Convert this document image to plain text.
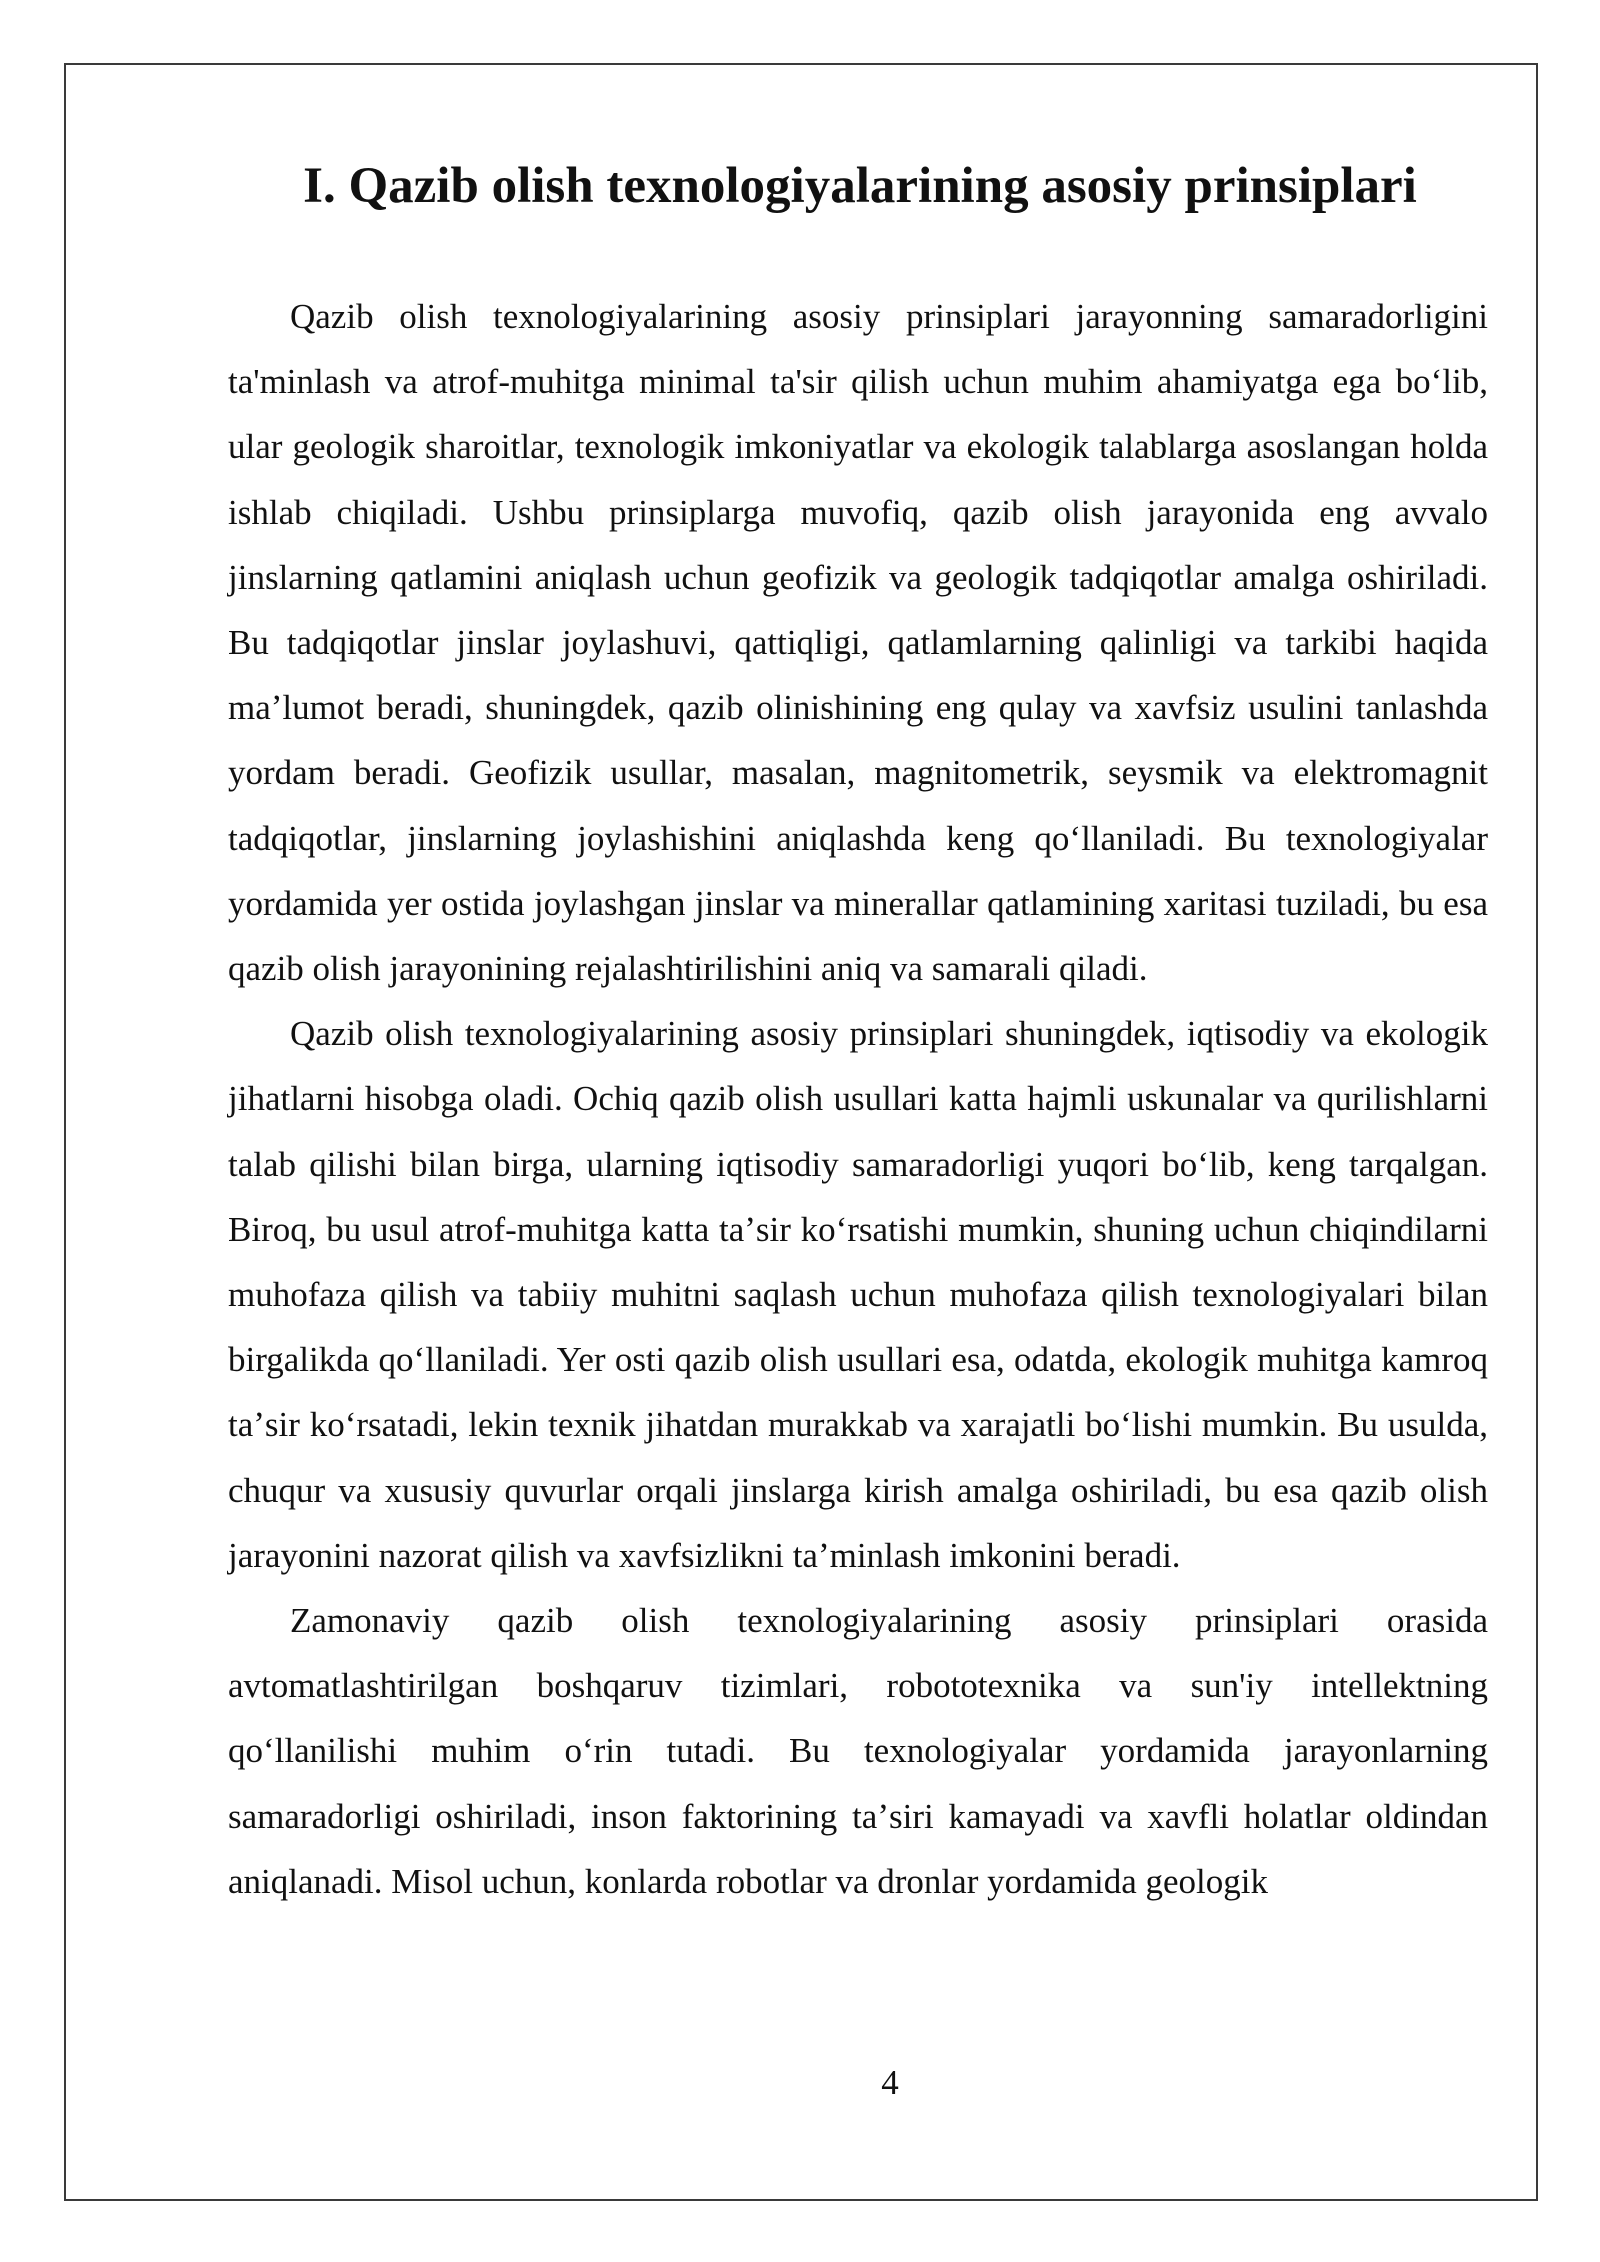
I. Qazib olish texnologiyalarining asosiy prinsiplari

Qazib olish texnologiyalarining asosiy prinsiplari jarayonning samaradorligini ta'minlash va atrof-muhitga minimal ta'sir qilish uchun muhim ahamiyatga ega boʻlib, ular geologik sharoitlar, texnologik imkoniyatlar va ekologik talablarga asoslangan holda ishlab chiqiladi. Ushbu prinsiplarga muvofiq, qazib olish jarayonida eng avvalo jinslarning qatlamini aniqlash uchun geofizik va geologik tadqiqotlar amalga oshiriladi. Bu tadqiqotlar jinslar joylashuvi, qattiqligi, qatlamlarning qalinligi va tarkibi haqida maʼlumot beradi, shuningdek, qazib olinishining eng qulay va xavfsiz usulini tanlashda yordam beradi. Geofizik usullar, masalan, magnitometrik, seysmik va elektromagnit tadqiqotlar, jinslarning joylashishini aniqlashda keng qoʻllaniladi. Bu texnologiyalar yordamida yer ostida joylashgan jinslar va minerallar qatlamining xaritasi tuziladi, bu esa qazib olish jarayonining rejalashtirilishini aniq va samarali qiladi.

Qazib olish texnologiyalarining asosiy prinsiplari shuningdek, iqtisodiy va ekologik jihatlarni hisobga oladi. Ochiq qazib olish usullari katta hajmli uskunalar va qurilishlarni talab qilishi bilan birga, ularning iqtisodiy samaradorligi yuqori boʻlib, keng tarqalgan. Biroq, bu usul atrof-muhitga katta taʼsir koʻrsatishi mumkin, shuning uchun chiqindilarni muhofaza qilish va tabiiy muhitni saqlash uchun muhofaza qilish texnologiyalari bilan birgalikda qoʻllaniladi. Yer osti qazib olish usullari esa, odatda, ekologik muhitga kamroq taʼsir koʻrsatadi, lekin texnik jihatdan murakkab va xarajatli boʻlishi mumkin. Bu usulda, chuqur va xususiy quvurlar orqali jinslarga kirish amalga oshiriladi, bu esa qazib olish jarayonini nazorat qilish va xavfsizlikni taʼminlash imkonini beradi.

Zamonaviy qazib olish texnologiyalarining asosiy prinsiplari orasida avtomatlashtirilgan boshqaruv tizimlari, robototexnika va sun'iy intellektning qoʻllanilishi muhim oʻrin tutadi. Bu texnologiyalar yordamida jarayonlarning samaradorligi oshiriladi, inson faktorining taʼsiri kamayadi va xavfli holatlar oldindan aniqlanadi. Misol uchun, konlarda robotlar va dronlar yordamida geologik

4
